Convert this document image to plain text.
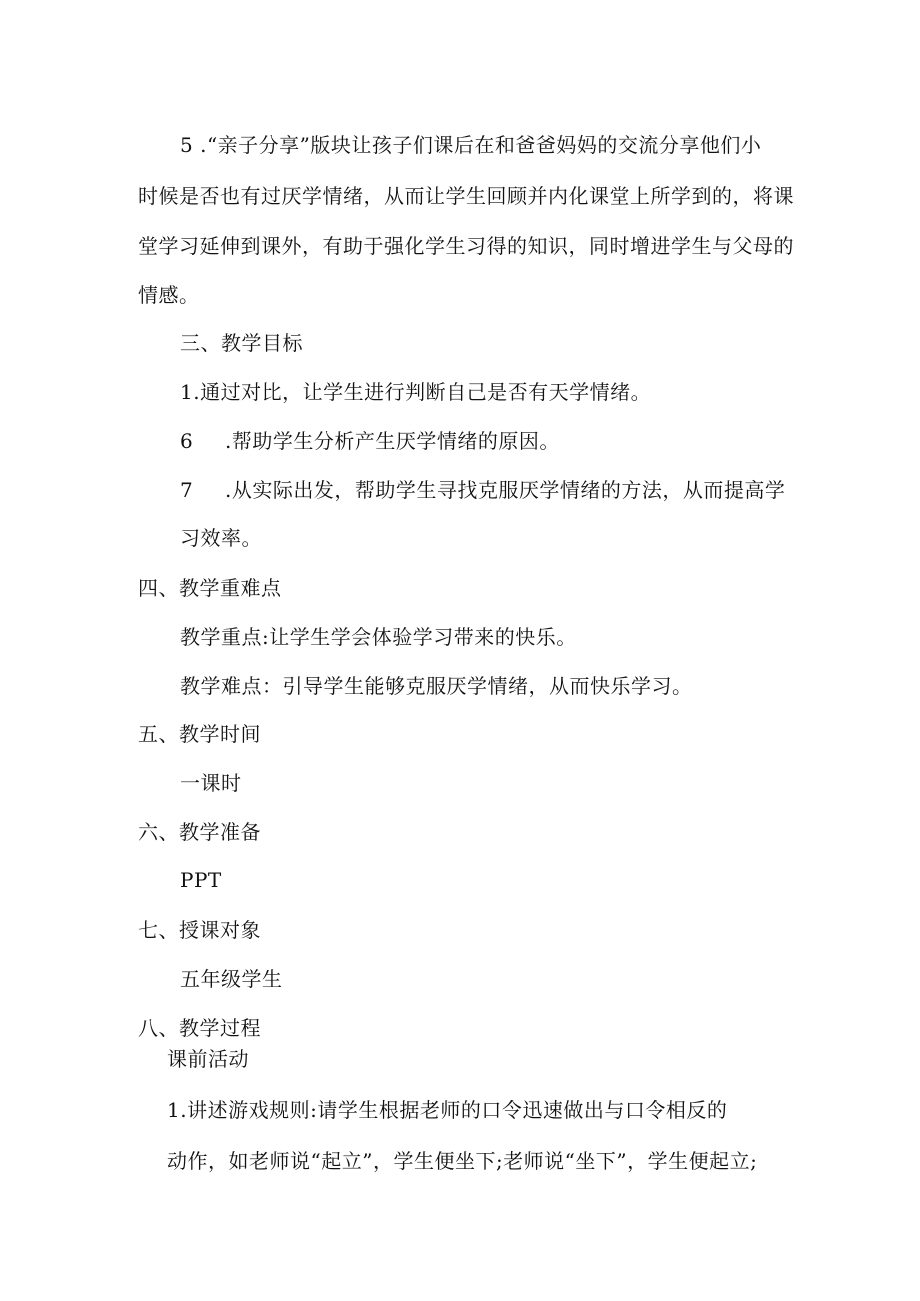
5 .“亲子分享”版块让孩子们课后在和爸爸妈妈的交流分享他们小
时候是否也有过厌学情绪，从而让学生回顾并内化课堂上所学到的，将课
堂学习延伸到课外，有助于强化学生习得的知识，同时增进学生与父母的
情感。
三、教学目标
1.通过对比，让学生进行判断自己是否有天学情绪。
6 .帮助学生分析产生厌学情绪的原因。
7 .从实际出发，帮助学生寻找克服厌学情绪的方法，从而提高学
习效率。
四、教学重难点
教学重点:让学生学会体验学习带来的快乐。
教学难点：引导学生能够克服厌学情绪，从而快乐学习。
五、教学时间
一课时
六、教学准备
PPT
七、授课对象
五年级学生
八、教学过程
课前活动
1.讲述游戏规则:请学生根据老师的口令迅速做出与口令相反的
动作，如老师说“起立”，学生便坐下;老师说“坐下”，学生便起立;
